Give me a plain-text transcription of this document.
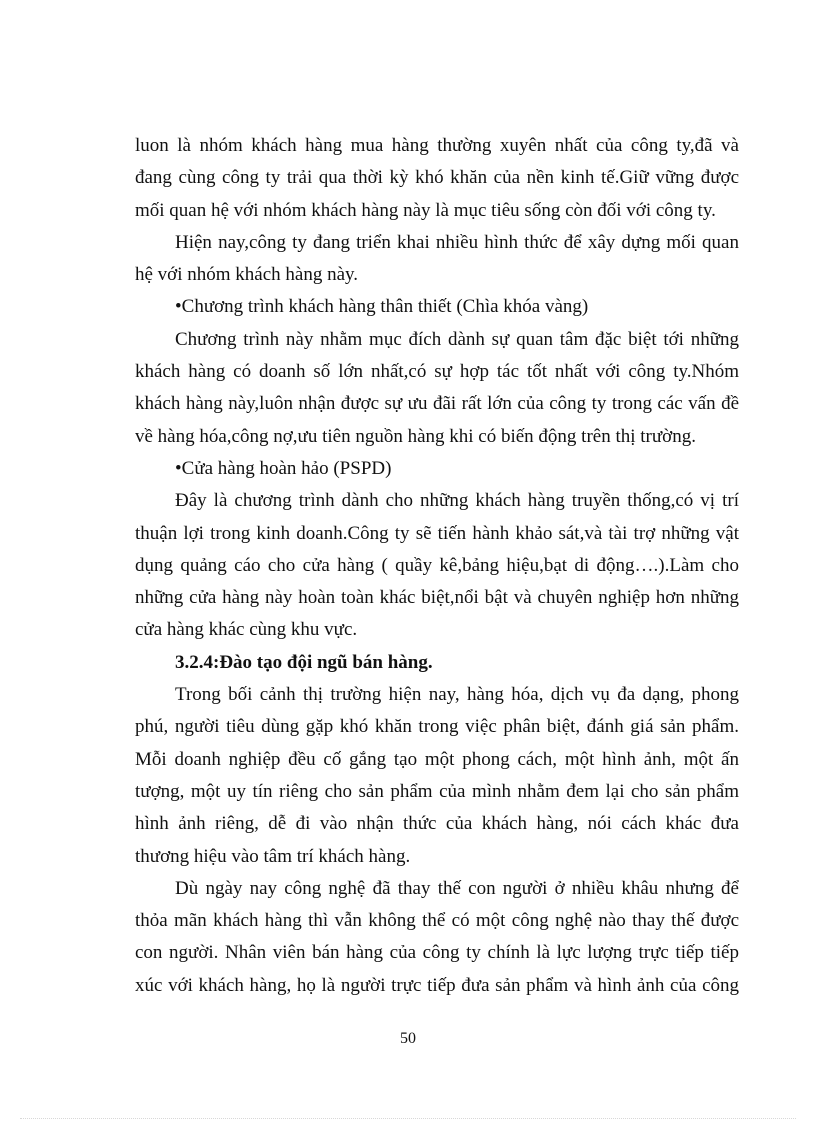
luon là nhóm khách hàng mua hàng thường xuyên nhất của công ty,đã và
đang cùng công ty trải qua thời kỳ khó khăn của nền kinh tế.Giữ vững được
mối quan hệ với nhóm khách hàng này là mục tiêu sống còn đối với công ty.
Hiện nay,công ty đang triển khai nhiều hình thức để xây dựng mối quan
hệ với nhóm khách hàng này.
•Chương trình khách hàng thân thiết (Chìa khóa vàng)
Chương trình này nhằm mục đích dành sự quan tâm đặc biệt tới những
khách hàng có doanh số lớn nhất,có sự hợp tác tốt nhất với công ty.Nhóm
khách hàng này,luôn nhận được sự ưu đãi rất lớn của công ty trong các vấn đề
về hàng hóa,công nợ,ưu tiên nguồn hàng khi có biến động trên thị trường.
•Cửa hàng hoàn hảo (PSPD)
Đây là chương trình dành cho những khách hàng truyền thống,có vị trí
thuận lợi trong kinh doanh.Công ty sẽ tiến hành khảo sát,và tài trợ những vật
dụng quảng cáo cho cửa hàng ( quầy kê,bảng hiệu,bạt di động….).Làm cho
những cửa hàng này hoàn toàn khác biệt,nổi bật và chuyên nghiệp hơn những
cửa hàng khác cùng khu vực.
3.2.4:Đào tạo đội ngũ bán hàng.
Trong bối cảnh thị trường hiện nay, hàng hóa, dịch vụ đa dạng, phong
phú, người tiêu dùng gặp khó khăn trong việc phân biệt, đánh giá sản phẩm.
Mỗi doanh nghiệp đều cố gắng tạo một phong cách, một hình ảnh, một ấn
tượng, một uy tín riêng cho sản phẩm của mình nhằm đem lại cho sản phẩm
hình ảnh riêng, dễ đi vào nhận thức của khách hàng, nói cách khác đưa
thương hiệu vào tâm trí khách hàng.
Dù ngày nay công nghệ đã thay thế con người ở nhiều khâu nhưng để
thỏa mãn khách hàng thì vẫn không thể có một công nghệ nào thay thế được
con người. Nhân viên bán hàng của công ty chính là lực lượng trực tiếp tiếp
xúc với khách hàng, họ là người trực tiếp đưa sản phẩm và hình ảnh của công
50
